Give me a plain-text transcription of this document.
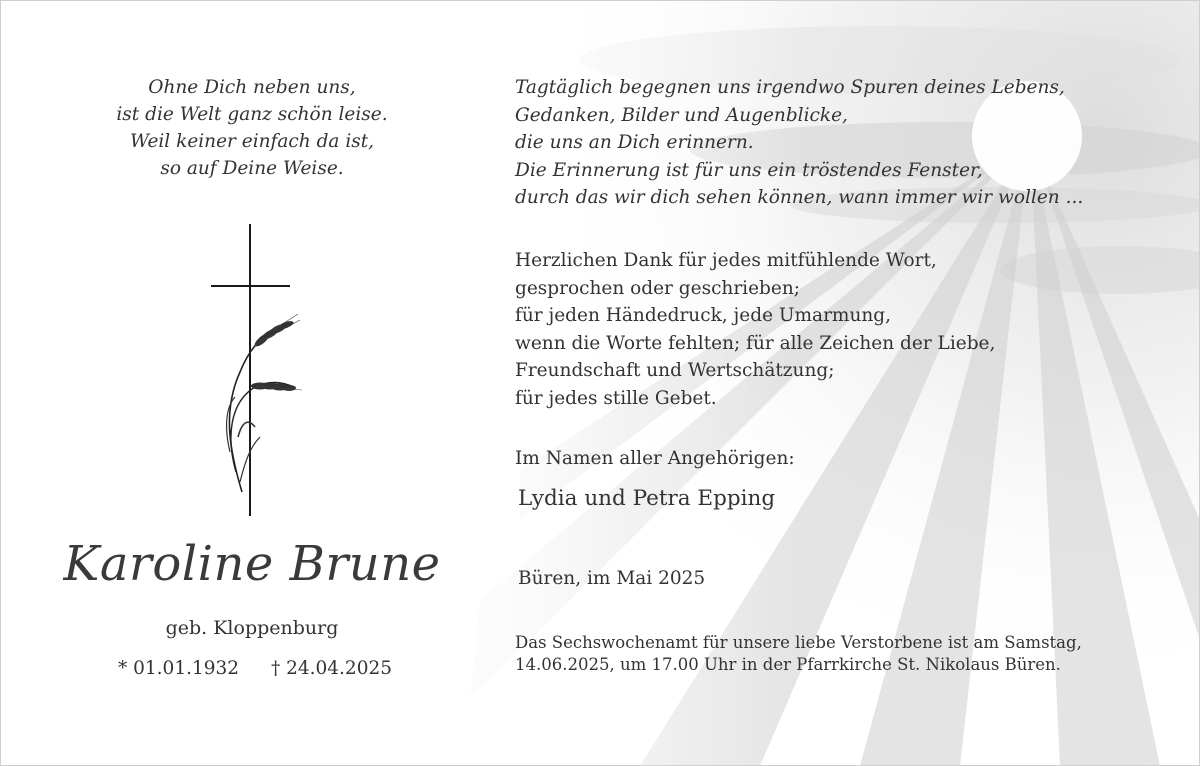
Ohne Dich neben uns,
ist die Welt ganz schön leise.
Weil keiner einfach da ist,
so auf Deine Weise.
Karoline Brune
geb. Kloppenburg
* 01.01.1932 † 24.04.2025
Tagtäglich begegnen uns irgendwo Spuren deines Lebens,
Gedanken, Bilder und Augenblicke,
die uns an Dich erinnern.
Die Erinnerung ist für uns ein tröstendes Fenster,
durch das wir dich sehen können, wann immer wir wollen ...
Herzlichen Dank für jedes mitfühlende Wort,
gesprochen oder geschrieben;
für jeden Händedruck, jede Umarmung,
wenn die Worte fehlten; für alle Zeichen der Liebe,
Freundschaft und Wertschätzung;
für jedes stille Gebet.
Im Namen aller Angehörigen:
Lydia und Petra Epping
Büren, im Mai 2025
Das Sechswochenamt für unsere liebe Verstorbene ist am Samstag,
14.06.2025, um 17.00 Uhr in der Pfarrkirche St. Nikolaus Büren.
